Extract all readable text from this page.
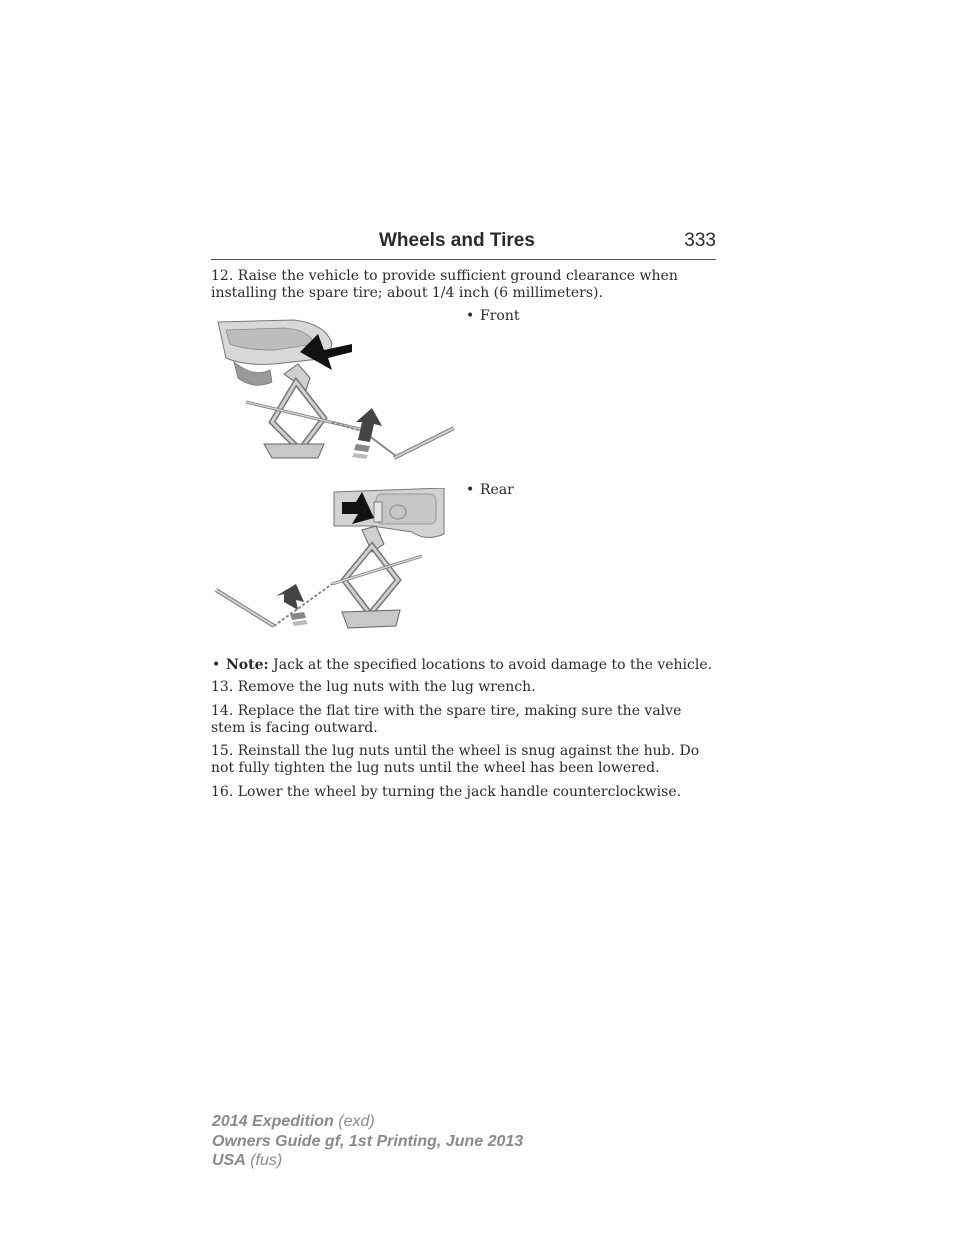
Wheels and Tires	333

12. Raise the vehicle to provide sufficient ground clearance when installing the spare tire; about 1/4 inch (6 millimeters).

• Front
• Rear
• Note: Jack at the specified locations to avoid damage to the vehicle.

13. Remove the lug nuts with the lug wrench.

14. Replace the flat tire with the spare tire, making sure the valve stem is facing outward.

15. Reinstall the lug nuts until the wheel is snug against the hub. Do not fully tighten the lug nuts until the wheel has been lowered.

16. Lower the wheel by turning the jack handle counterclockwise.

2014 Expedition (exd)
Owners Guide gf, 1st Printing, June 2013
USA (fus)
